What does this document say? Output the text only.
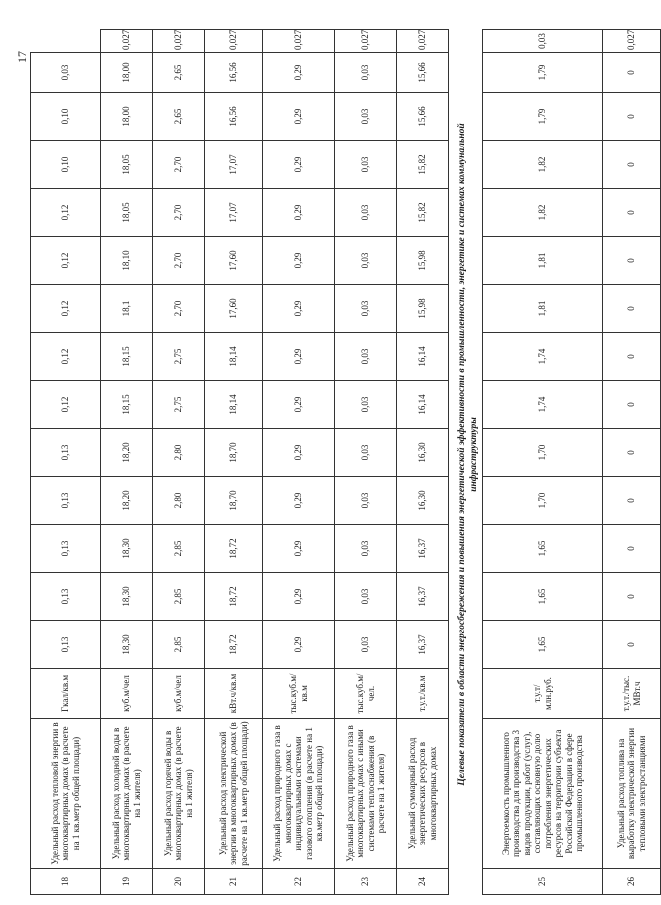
17
18	Удельный расход тепловой энергии в многоквартирных домах (в расчете на 1 кв.метр общей площади)	Гкал/кв.м	0,13	0,13	0,13	0,13	0,13	0,12	0,12	0,12	0,12	0,12	0,10	0,10	0,03	
19	Удельный расход холодной воды в многоквартирных домах (в расчете на 1 жителя)	куб.м/чел	18,30	18,30	18,30	18,20	18,20	18,15	18,15	18,1	18,10	18,05	18,05	18,00	18,00	0,027
20	Удельный расход горячей воды в многоквартирных домах (в расчете на 1 жителя)	куб.м/чел	2,85	2,85	2,85	2,80	2,80	2,75	2,75	2,70	2,70	2,70	2,70	2,65	2,65	0,027
21	Удельный расход электрической энергии в многоквартирных домах (в расчете на 1 кв.метр общей площади)	кВт.ч/кв.м	18,72	18,72	18,72	18,70	18,70	18,14	18,14	17,60	17,60	17,07	17,07	16,56	16,56	0,027
22	Удельный расход природного газа в многоквартирных домах с индивидуальными системами газового отопления (в расчете на 1 кв.метр общей площади)	тыс.куб.м/кв.м	0,29	0,29	0,29	0,29	0,29	0,29	0,29	0,29	0,29	0,29	0,29	0,29	0,29	0,027
23	Удельный расход природного газа в многоквартирных домах с иными системами теплоснабжения (в расчете на 1 жителя)	тыс.куб.м/чел.	0,03	0,03	0,03	0,03	0,03	0,03	0,03	0,03	0,03	0,03	0,03	0,03	0,03	0,027
24	Удельный суммарный расход энергетических ресурсов в многоквартирных домах	т.у.т./кв.м	16,37	16,37	16,37	16,30	16,30	16,14	16,14	15,98	15,98	15,82	15,82	15,66	15,66	0,027

Целевые показатели в области энергосбережения и повышения энергетической эффективности в промышленности, энергетике и системах коммунальной инфраструктуры																

25	Энергоемкость промышленного производства для производства 3 видов продукции, работ (услуг), составляющих основную долю потребления энергетических ресурсов на территории субъекта Российской Федерации в сфере промышленного производства	т.у.т/млн.руб.	1,65	1,65	1,65	1,70	1,70	1,74	1,74	1,81	1,81	1,82	1,82	1,79	1,79	0,03
26	Удельный расход топлива на выработку электрической энергии тепловыми электростанциями	т.у.т./тыс. МВт.ч	0	0	0	0	0	0	0	0	0	0	0	0	0	0,027
